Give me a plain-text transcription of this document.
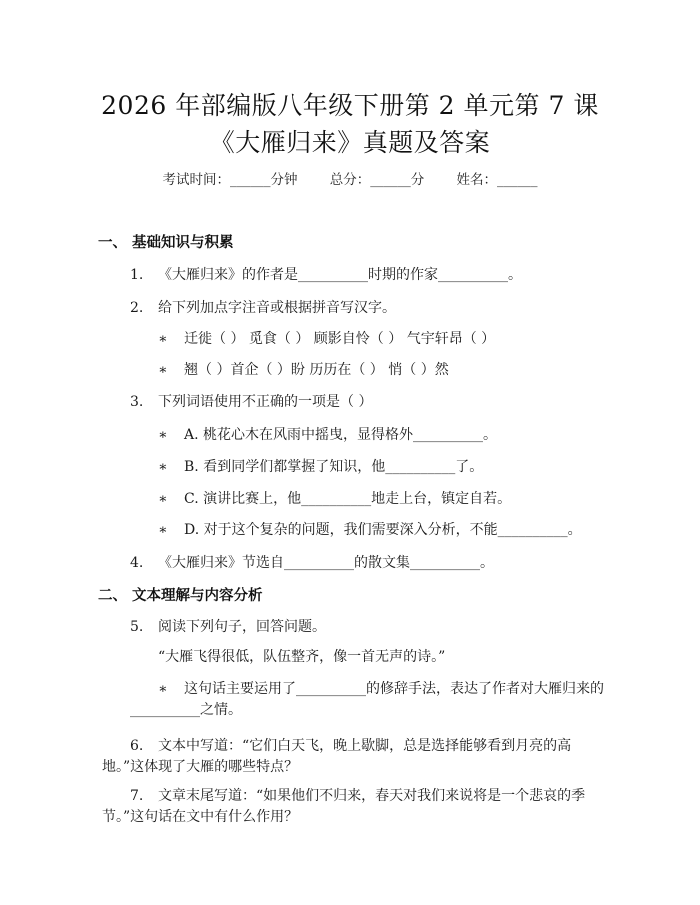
2026 年部编版八年级下册第 2 单元第 7 课
《大雁归来》真题及答案
考试时间：______分钟 总分：______分 姓名：______
一、 基础知识与积累
1. 《大雁归来》的作者是__________时期的作家__________。
2. 给下列加点字注音或根据拼音写汉字。
∗ 迁徙（ ） 觅食（ ） 顾影自怜（ ） 气宇轩昂（ ）
∗ 翘（ ）首企（ ）盼 历历在（ ） 悄（ ）然
3. 下列词语使用不正确的一项是（ ）
∗ A. 桃花心木在风雨中摇曳，显得格外__________。
∗ B. 看到同学们都掌握了知识，他__________了。
∗ C. 演讲比赛上，他__________地走上台，镇定自若。
∗ D. 对于这个复杂的问题，我们需要深入分析，不能__________。
4. 《大雁归来》节选自__________的散文集__________。
二、 文本理解与内容分析
5. 阅读下列句子，回答问题。
“大雁飞得很低，队伍整齐，像一首无声的诗。”
∗ 这句话主要运用了__________的修辞手法，表达了作者对大雁归来的
__________之情。
6. 文本中写道：“它们白天飞，晚上歇脚，总是选择能够看到月亮的高
地。”这体现了大雁的哪些特点？
7. 文章末尾写道：“如果他们不归来，春天对我们来说将是一个悲哀的季
节。”这句话在文中有什么作用？
